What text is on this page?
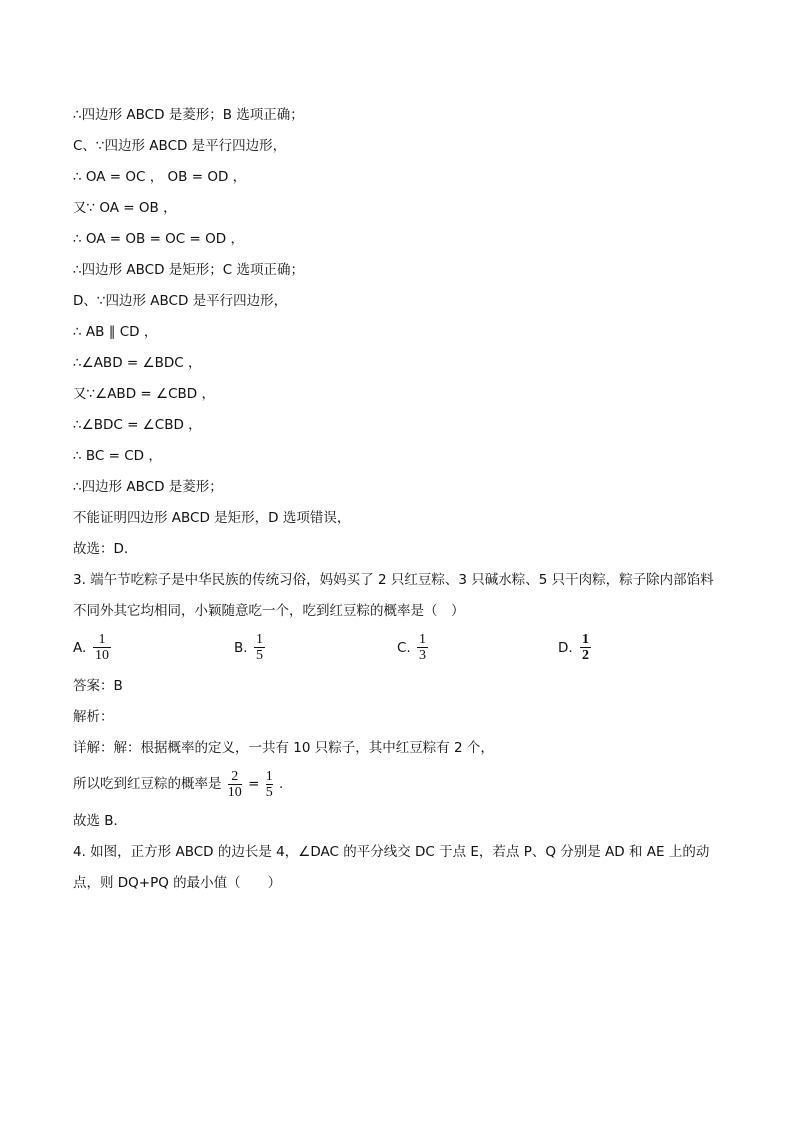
∴四边形 ABCD 是菱形；B 选项正确；
C、∵四边形 ABCD 是平行四边形，
∴ OA = OC ， OB = OD ，
又∵ OA = OB ，
∴ OA = OB = OC = OD ，
∴四边形 ABCD 是矩形；C 选项正确；
D、∵四边形 ABCD 是平行四边形，
∴ AB ∥ CD ，
∴∠ABD = ∠BDC ，
又∵∠ABD = ∠CBD ，
∴∠BDC = ∠CBD ，
∴ BC = CD ，
∴四边形 ABCD 是菱形；
不能证明四边形 ABCD 是矩形，D 选项错误，
故选：D．
3. 端午节吃粽子是中华民族的传统习俗，妈妈买了 2 只红豆粽、3 只碱水粽、5 只干肉粽，粽子除内部馅料
不同外其它均相同，小颖随意吃一个，吃到红豆粽的概率是（　）
A.
1
10	B.
1
5	C.
1
3	D.
1
2
答案：B
解析：
详解：解：根据概率的定义，一共有 10 只粽子，其中红豆粽有 2 个，
所以吃到红豆粽的概率是 $\frac{2}{10} = \frac{1}{5}$ .
故选 B．
4. 如图，正方形 ABCD 的边长是 4，∠DAC 的平分线交 DC 于点 E，若点 P、Q 分别是 AD 和 AE 上的动
点，则 DQ+PQ 的最小值（　　）
